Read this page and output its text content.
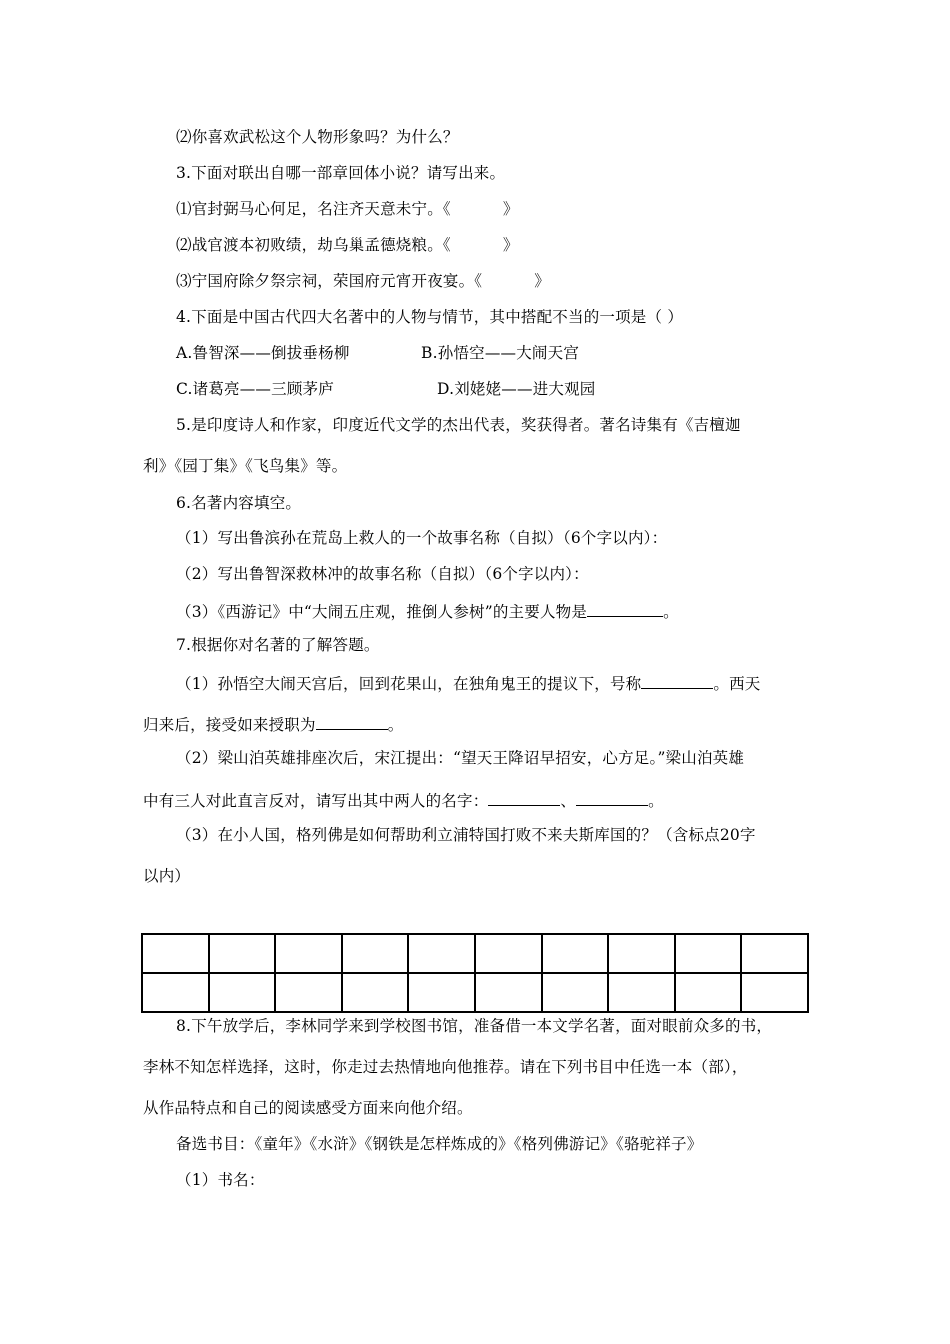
⑵你喜欢武松这个人物形象吗？为什么？
3.下面对联出自哪一部章回体小说？请写出来。
⑴官封弼马心何足，名注齐天意未宁。《	》
⑵战官渡本初败绩，劫乌巢孟德烧粮。《	》
⑶宁国府除夕祭宗祠，荣国府元宵开夜宴。《	》
4.下面是中国古代四大名著中的人物与情节，其中搭配不当的一项是（ ）
A.鲁智深——倒拔垂杨柳	B.孙悟空——大闹天宫
C.诸葛亮——三顾茅庐	D.刘姥姥——进大观园
5.是印度诗人和作家，印度近代文学的杰出代表，奖获得者。著名诗集有《吉檀迦
利》《园丁集》《飞鸟集》等。
6.名著内容填空。
（1）写出鲁滨孙在荒岛上救人的一个故事名称（自拟）（6个字以内）：
（2）写出鲁智深救林冲的故事名称（自拟）（6个字以内）：
（3）《西游记》中“大闹五庄观，推倒人参树”的主要人物是	。
7.根据你对名著的了解答题。
（1）孙悟空大闹天宫后，回到花果山，在独角鬼王的提议下，号称	。西天
归来后，接受如来授职为	。
（2）梁山泊英雄排座次后，宋江提出：“望天王降诏早招安，心方足。”梁山泊英雄
中有三人对此直言反对，请写出其中两人的名字：	、	。
（3）在小人国，格列佛是如何帮助利立浦特国打败不来夫斯库国的？（含标点20字
以内）

8.下午放学后，李林同学来到学校图书馆，准备借一本文学名著，面对眼前众多的书，
李林不知怎样选择，这时，你走过去热情地向他推荐。请在下列书目中任选一本（部），
从作品特点和自己的阅读感受方面来向他介绍。
备选书目：《童年》《水浒》《钢铁是怎样炼成的》《格列佛游记》《骆驼祥子》
（1）书名：
